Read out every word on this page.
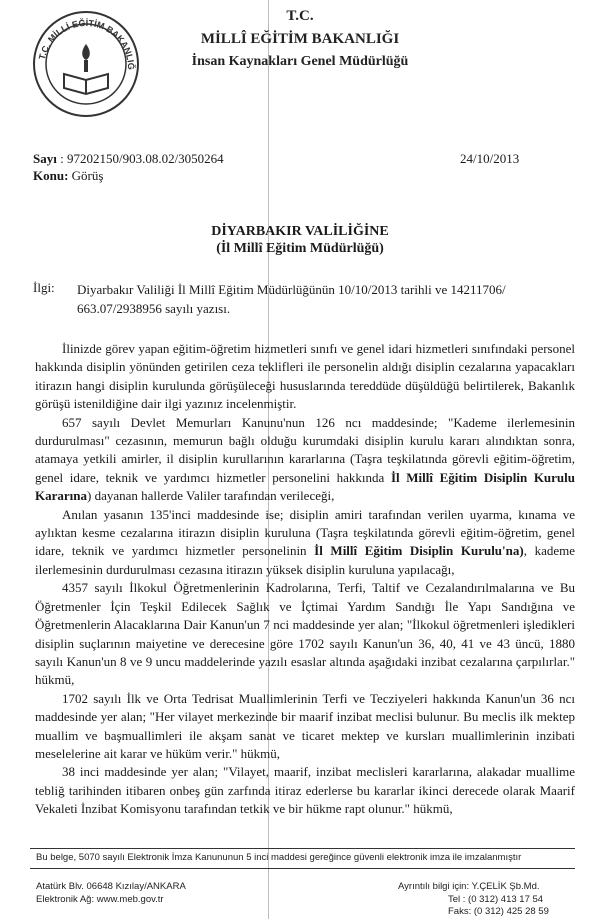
T.C. MİLLİ EĞİTİM BAKANLIĞ
T.C.
MİLLÎ EĞİTİM BAKANLIĞI
İnsan Kaynakları Genel Müdürlüğü
Sayı : 97202150/903.08.02/3050264	24/10/2013
Konu: Görüş
DİYARBAKIR VALİLİĞİNE
(İl Millî Eğitim Müdürlüğü)
İlgi: Diyarbakır Valiliği İl Millî Eğitim Müdürlüğünün 10/10/2013 tarihli ve 14211706/
663.07/2938956 sayılı yazısı.

İlinizde görev yapan eğitim-öğretim hizmetleri sınıfı ve genel idari hizmetleri sınıfındaki personel hakkında disiplin yönünden getirilen ceza teklifleri ile personelin aldığı disiplin cezalarına yapacakları itirazın hangi disiplin kurulunda görüşüleceği hususlarında tereddüde düşüldüğü belirtilerek, Bakanlık görüşü istenildiğine dair ilgi yazınız incelenmiştir.

657 sayılı Devlet Memurları Kanunu'nun 126 ncı maddesinde; "Kademe ilerlemesinin durdurulması" cezasının, memurun bağlı olduğu kurumdaki disiplin kurulu kararı alındıktan sonra, atamaya yetkili amirler, il disiplin kurullarının kararlarına (Taşra teşkilatında görevli eğitim-öğretim, genel idare, teknik ve yardımcı hizmetler personelini hakkında İl Millî Eğitim Disiplin Kurulu Kararına) dayanan hallerde Valiler tarafından verileceği,

Anılan yasanın 135'inci maddesinde ise; disiplin amiri tarafından verilen uyarma, kınama ve aylıktan kesme cezalarına itirazın disiplin kuruluna (Taşra teşkilatında görevli eğitim-öğretim, genel idare, teknik ve yardımcı hizmetler personelinin İl Millî Eğitim Disiplin Kurulu'na), kademe ilerlemesinin durdurulması cezasına itirazın yüksek disiplin kuruluna yapılacağı,

4357 sayılı İlkokul Öğretmenlerinin Kadrolarına, Terfi, Taltif ve Cezalandırılmalarına ve Bu Öğretmenler İçin Teşkil Edilecek Sağlık ve İçtimai Yardım Sandığı İle Yapı Sandığına ve Öğretmenlerin Alacaklarına Dair Kanun'un 7 nci maddesinde yer alan; "İlkokul öğretmenleri işledikleri disiplin suçlarının maiyetine ve derecesine göre 1702 sayılı Kanun'un 36, 40, 41 ve 43 üncü, 1880 sayılı Kanun'un 8 ve 9 uncu maddelerinde yazılı esaslar altında aşağıdaki inzibat cezalarına çarpılırlar." hükmü,

1702 sayılı İlk ve Orta Tedrisat Muallimlerinin Terfi ve Tecziyeleri hakkında Kanun'un 36 ncı maddesinde yer alan; "Her vilayet merkezinde bir maarif inzibat meclisi bulunur. Bu meclis ilk mektep muallim ve başmuallimleri ile akşam sanat ve ticaret mektep ve kursları muallimlerinin inzibati meselelerine ait karar ve hüküm verir." hükmü,

38 inci maddesinde yer alan; "Vilayet, maarif, inzibat meclisleri kararlarına, alakadar muallime tebliğ tarihinden itibaren onbeş gün zarfında itiraz ederlerse bu kararlar ikinci derecede olarak Maarif Vekaleti İnzibat Komisyonu tarafından tetkik ve bir hükme rapt olunur." hükmü,

Bu belge, 5070 sayılı Elektronik İmza Kanununun 5 inci maddesi gereğince güvenli elektronik imza ile imzalanmıştır
Atatürk Blv. 06648 Kızılay/ANKARA
Elektronik Ağ: www.meb.gov.tr
Ayrıntılı bilgi için: Y.ÇELİK Şb.Md.
Tel : (0 312) 413 17 54
Faks: (0 312) 425 28 59
